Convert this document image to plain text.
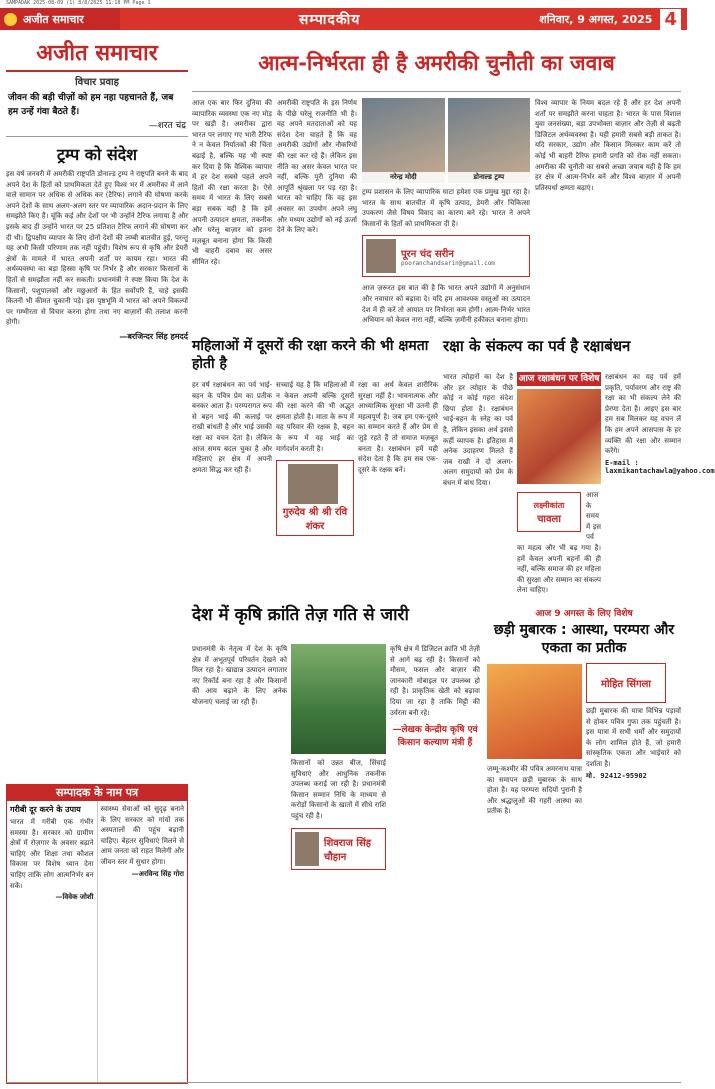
SAMPADAK 2025-08-09 (1) 8/8/2025 11:18 PM Page 1
अजीत समाचार	सम्पादकीय	शनिवार, 9 अगस्त, 2025 4
अजीत समाचार
विचार प्रवाह
जीवन की बड़ी चीज़ों को हम नहा पहचानते हैं, जब हम उन्हें गंवा बैठते हैं।
—शरत चंद्र
ट्रम्प को संदेश
इस वर्ष जनवरी में अमरीकी राष्ट्रपति डोनाल्ड ट्रम्प ने राष्ट्रपति बनने के बाद अपने देश के हितों को प्राथमिकता देते हुए विश्व भर में अमरीका में आने वाले सामान पर अधिक से अधिक कर (टैरिफ) लगाने की घोषणा करके अपने देशों के साथ अलग-अलग स्तर पर व्यापारिक अदान-प्रदान के लिए समझौते किए हैं। चूंकि कई और देशों पर भी उन्होंने टैरिफ लगाया है और इसके बाद ही उन्होंने भारत पर 25 प्रतिशत टैरिफ लगाने की घोषणा कर दी थी। द्विपक्षीय व्यापार के लिए दोनों देशों की लम्बी बातचीत हुई, परन्तु यह अभी किसी परिणाम तक नहीं पहुंची। विशेष रूप से कृषि और डेयरी क्षेत्रों के मामले में भारत अपनी शर्तों पर कायम रहा। भारत की अर्थव्यवस्था का बड़ा हिस्सा कृषि पर निर्भर है और सरकार किसानों के हितों से समझौता नहीं कर सकती। प्रधानमंत्री ने स्पष्ट किया कि देश के किसानों, पशुपालकों और मछुआरों के हित सर्वोपरि हैं, चाहे इसकी कितनी भी कीमत चुकानी पड़े। इस पृष्ठभूमि में भारत को अपने विकल्पों पर गम्भीरता से विचार करना होगा तथा नए बाज़ारों की तलाश करनी होगी।
—बरजिन्दर सिंह हमदर्द
सम्पादक के नाम पत्र
गरीबी दूर करने के उपाय
भारत में गरीबी एक गंभीर समस्या है। सरकार को ग्रामीण क्षेत्रों में रोज़गार के अवसर बढ़ाने चाहिएं और शिक्षा तथा कौशल विकास पर विशेष ध्यान देना चाहिए ताकि लोग आत्मनिर्भर बन सकें।
—विवेक जोशी
स्वास्थ्य सेवाओं को सुदृढ़ बनाने के लिए सरकार को गांवों तक अस्पतालों की पहुंच बढ़ानी चाहिए। बेहतर सुविधाएं मिलने से आम जनता को राहत मिलेगी और जीवन स्तर में सुधार होगा।
—अरविन्द सिंह गोरा
आत्म-निर्भरता ही है अमरीकी चुनौती का जवाब
आज एक बार फिर दुनिया की व्यापारिक व्यवस्था एक नए मोड़ पर खड़ी है। अमरीका द्वारा भारत पर लगाए गए भारी टैरिफ ने न केवल निर्यातकों की चिंता बढ़ाई है, बल्कि यह भी स्पष्ट कर दिया है कि वैश्विक व्यापार में हर देश सबसे पहले अपने हितों की रक्षा करता है। ऐसे समय में भारत के लिए सबसे बड़ा सबक यही है कि हमें अपनी उत्पादन क्षमता, तकनीक और घरेलू बाज़ार को इतना मज़बूत बनाना होगा कि किसी भी बाहरी दबाव का असर सीमित रहे।
अमरीकी राष्ट्रपति के इस निर्णय के पीछे घरेलू राजनीति भी है। वह अपने मतदाताओं को यह संदेश देना चाहते हैं कि वह अमरीकी उद्योगों और नौकरियों की रक्षा कर रहे हैं। लेकिन इस नीति का असर केवल भारत पर नहीं, बल्कि पूरी दुनिया की आपूर्ति श्रृंखला पर पड़ रहा है। भारत को चाहिए कि वह इस अवसर का उपयोग अपने लघु और मध्यम उद्योगों को नई ऊर्जा देने के लिए करे।
नरेन्द्र मोदी	डोनाल्ड ट्रम्प
ट्रम्प प्रशासन के लिए व्यापारिक घाटा हमेशा एक प्रमुख मुद्दा रहा है। भारत के साथ बातचीत में कृषि उत्पाद, डेयरी और चिकित्सा उपकरण जैसे विषय विवाद का कारण बने रहे। भारत ने अपने किसानों के हितों को प्राथमिकता दी है।
पूरन चंद सरीन
pooranchandsarin@gmail.com
आज ज़रूरत इस बात की है कि भारत अपने उद्योगों में अनुसंधान और नवाचार को बढ़ावा दे। यदि हम आवश्यक वस्तुओं का उत्पादन देश में ही करें तो आयात पर निर्भरता कम होगी। आत्म-निर्भर भारत अभियान को केवल नारा नहीं, बल्कि ज़मीनी हकीकत बनाना होगा।
विश्व व्यापार के नियम बदल रहे हैं और हर देश अपनी शर्तों पर समझौते करना चाहता है। भारत के पास विशाल युवा जनसंख्या, बड़ा उपभोक्ता बाज़ार और तेज़ी से बढ़ती डिजिटल अर्थव्यवस्था है। यही हमारी सबसे बड़ी ताकत है। यदि सरकार, उद्योग और किसान मिलकर काम करें तो कोई भी बाहरी टैरिफ हमारी प्रगति को रोक नहीं सकता। अमरीका की चुनौती का सबसे अच्छा जवाब यही है कि हम हर क्षेत्र में आत्म-निर्भर बनें और विश्व बाज़ार में अपनी प्रतिस्पर्धा क्षमता बढ़ाएं।
महिलाओं में दूसरों की रक्षा करने की भी क्षमता होती है
हर वर्ष रक्षाबंधन का पर्व भाई-बहन के पवित्र प्रेम का प्रतीक बनकर आता है। परम्परागत रूप से बहन भाई की कलाई पर राखी बांधती है और भाई उसकी रक्षा का वचन देता है। लेकिन आज समय बदल चुका है और महिलाएं हर क्षेत्र में अपनी क्षमता सिद्ध कर रही हैं।
सच्चाई यह है कि महिलाओं में न केवल अपनी बल्कि दूसरों की रक्षा करने की भी अद्भुत क्षमता होती है। माता के रूप में वह परिवार की रक्षक है, बहन के रूप में वह भाई का मार्गदर्शन करती है।
गुरुदेव श्री श्री रवि शंकर
रक्षा का अर्थ केवल शारीरिक सुरक्षा नहीं है। भावनात्मक और आध्यात्मिक सुरक्षा भी उतनी ही महत्वपूर्ण है। जब हम एक-दूसरे का सम्मान करते हैं और प्रेम से जुड़े रहते हैं तो समाज मज़बूत बनता है। रक्षाबंधन हमें यही संदेश देता है कि हम सब एक-दूसरे के रक्षक बनें।
रक्षा के संकल्प का पर्व है रक्षाबंधन
भारत त्योहारों का देश है और हर त्योहार के पीछे कोई न कोई गहरा संदेश छिपा होता है। रक्षाबंधन भाई-बहन के स्नेह का पर्व है, लेकिन इसका अर्थ इससे कहीं व्यापक है। इतिहास में अनेक उदाहरण मिलते हैं जब राखी ने दो अलग-अलग समुदायों को प्रेम के बंधन में बांध दिया।
आज रक्षाबंधन पर विशेष
लक्ष्मीकांता
चावला
आज के समय में इस पर्व का महत्व और भी बढ़ गया है। हमें केवल अपनी बहनों की ही नहीं, बल्कि समाज की हर महिला की सुरक्षा और सम्मान का संकल्प लेना चाहिए।
रक्षाबंधन का यह पर्व हमें प्रकृति, पर्यावरण और राष्ट्र की रक्षा का भी संकल्प लेने की प्रेरणा देता है। आइए इस बार हम सब मिलकर यह वचन लें कि हम अपने आसपास के हर व्यक्ति की रक्षा और सम्मान करेंगे।
E-mail : laxmikantachawla@yahoo.com
देश में कृषि क्रांति तेज़ गति से जारी
प्रधानमंत्री के नेतृत्व में देश के कृषि क्षेत्र में अभूतपूर्व परिवर्तन देखने को मिल रहा है। खाद्यान्न उत्पादन लगातार नए रिकॉर्ड बना रहा है और किसानों की आय बढ़ाने के लिए अनेक योजनाएं चलाई जा रही हैं।
किसानों को उन्नत बीज, सिंचाई सुविधाएं और आधुनिक तकनीक उपलब्ध कराई जा रही है। प्रधानमंत्री किसान सम्मान निधि के माध्यम से करोड़ों किसानों के खातों में सीधे राशि पहुंच रही है।
शिवराज सिंह चौहान
कृषि क्षेत्र में डिजिटल क्रांति भी तेज़ी से आगे बढ़ रही है। किसानों को मौसम, फसल और बाज़ार की जानकारी मोबाइल पर उपलब्ध हो रही है। प्राकृतिक खेती को बढ़ावा दिया जा रहा है ताकि मिट्टी की उर्वरता बनी रहे।
—लेखक केन्द्रीय कृषि एवं किसान कल्याण मंत्री हैं
आज 9 अगस्त के लिए विशेष
छड़ी मुबारक : आस्था, परम्परा और एकता का प्रतीक
जम्मू-कश्मीर की पवित्र अमरनाथ यात्रा का समापन छड़ी मुबारक के साथ होता है। यह परम्परा सदियों पुरानी है और श्रद्धालुओं की गहरी आस्था का प्रतीक है।
मोहित सिंगला
छड़ी मुबारक की यात्रा विभिन्न पड़ावों से होकर पवित्र गुफा तक पहुंचती है। इस यात्रा में सभी धर्मों और समुदायों के लोग शामिल होते हैं, जो हमारी सांस्कृतिक एकता और भाईचारे को दर्शाता है।
मो. 92412-95902
